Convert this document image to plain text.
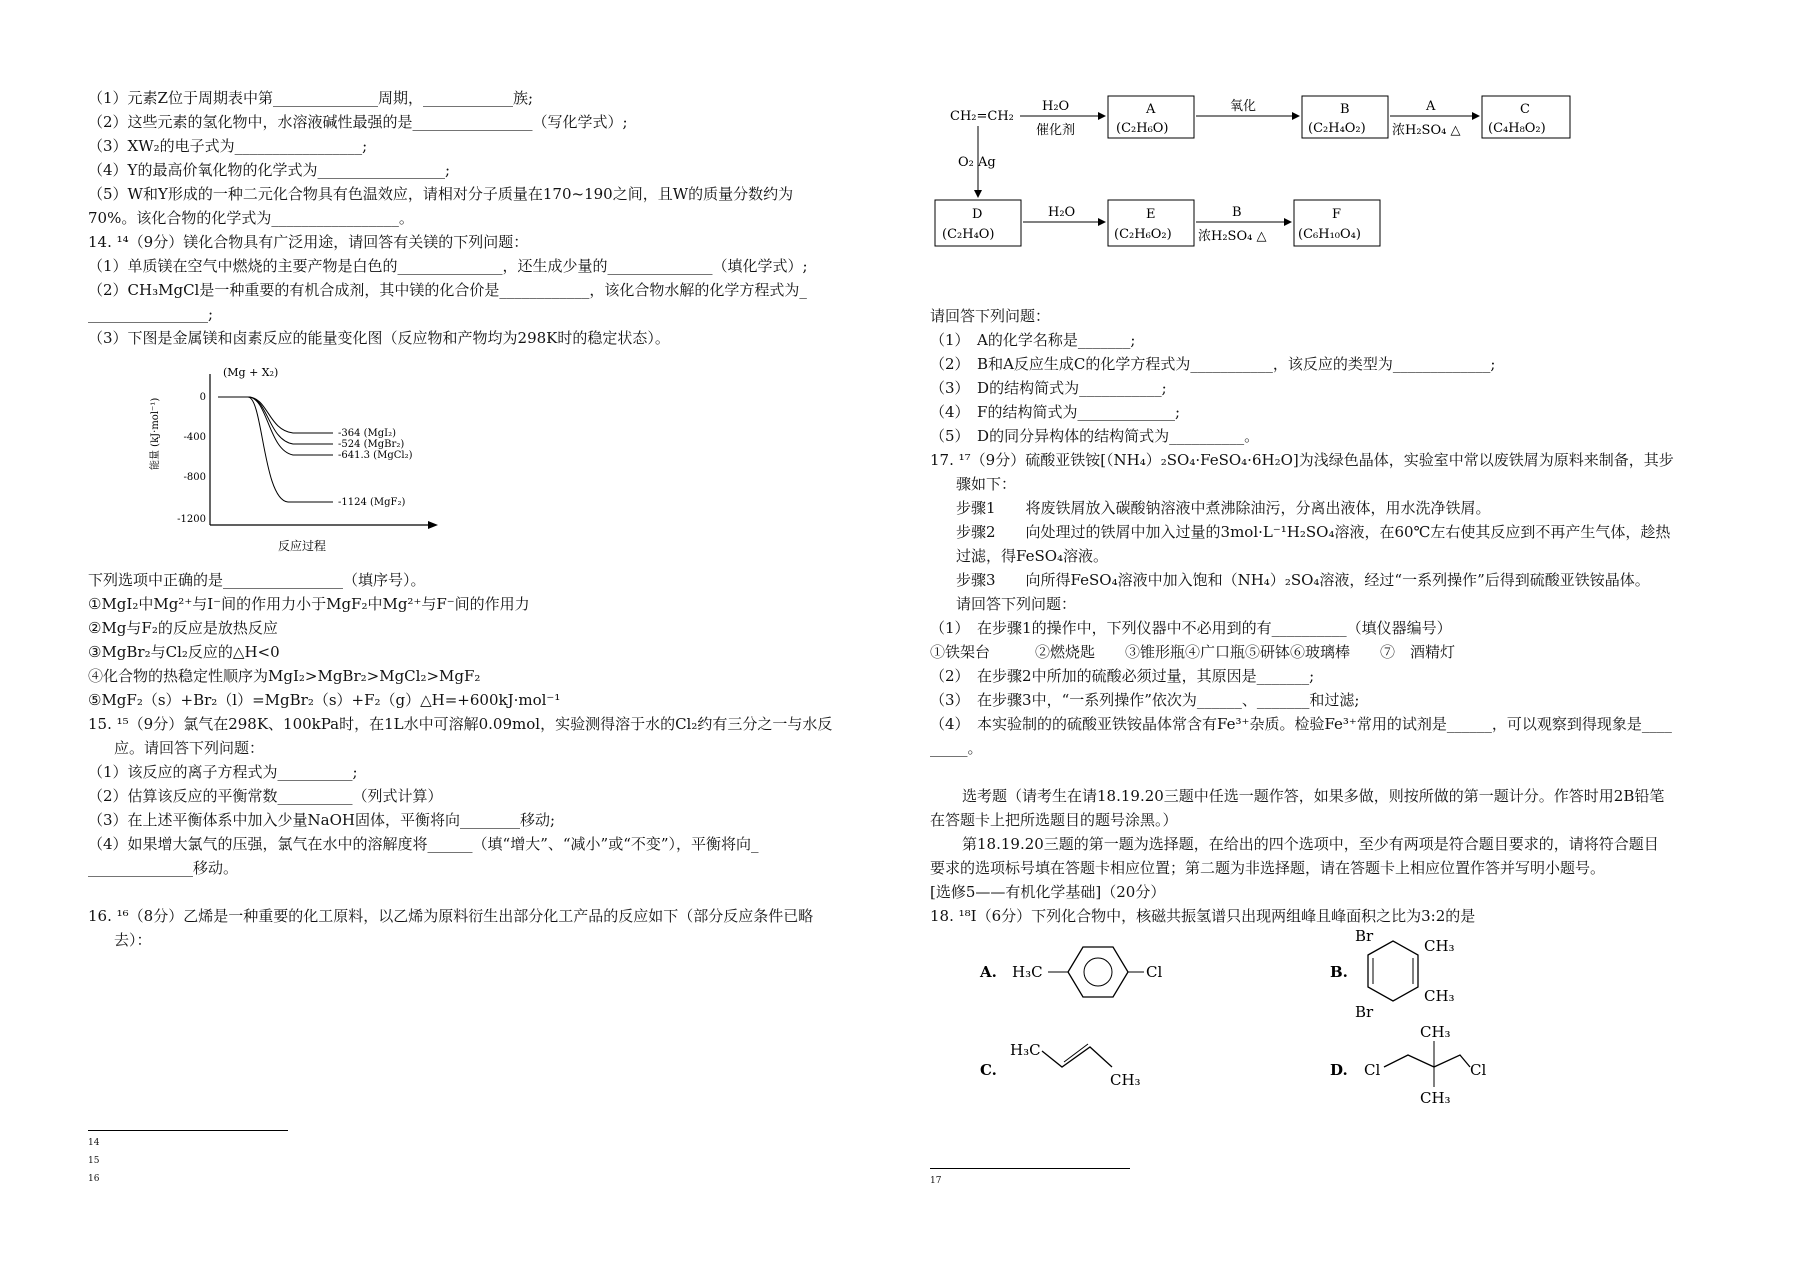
（1）元素Z位于周期表中第______________周期，____________族;
（2）这些元素的氢化物中，水溶液碱性最强的是________________（写化学式）;
（3）XW₂的电子式为_________________;
（4）Y的最高价氧化物的化学式为_________________;
（5）W和Y形成的一种二元化合物具有色温效应，请相对分子质量在170~190之间，且W的质量分数约为
70%。该化合物的化学式为_________________。
14. ¹⁴（9分）镁化合物具有广泛用途，请回答有关镁的下列问题：
（1）单质镁在空气中燃烧的主要产物是白色的______________，还生成少量的______________（填化学式）;
（2）CH₃MgCl是一种重要的有机合成剂，其中镁的化合价是____________，该化合物水解的化学方程式为_
________________;
（3）下图是金属镁和卤素反应的能量变化图（反应物和产物均为298K时的稳定状态）。
(Mg + X₂)
能量 (kJ·mol⁻¹)
反应过程
0
-400
-800
-1200
-364 (MgI₂)
-524 (MgBr₂)
-641.3 (MgCl₂)
-1124 (MgF₂)
下列选项中正确的是________________（填序号）。
①MgI₂中Mg²⁺与I⁻间的作用力小于MgF₂中Mg²⁺与F⁻间的作用力
②Mg与F₂的反应是放热反应
③MgBr₂与Cl₂反应的△H<0
④化合物的热稳定性顺序为MgI₂>MgBr₂>MgCl₂>MgF₂
⑤MgF₂（s）+Br₂（l）=MgBr₂（s）+F₂（g）△H=+600kJ·mol⁻¹
15. ¹⁵（9分）氯气在298K、100kPa时，在1L水中可溶解0.09mol，实验测得溶于水的Cl₂约有三分之一与水反
应。请回答下列问题：
（1）该反应的离子方程式为__________;
（2）估算该反应的平衡常数__________（列式计算）
（3）在上述平衡体系中加入少量NaOH固体，平衡将向________移动;
（4）如果增大氯气的压强，氯气在水中的溶解度将______（填“增大”、“减小”或“不变”），平衡将向_
______________移动。
16. ¹⁶（8分）乙烯是一种重要的化工原料，以乙烯为原料衍生出部分化工产品的反应如下（部分反应条件已略
去）：
14
15
16
CH₂=CH₂
H₂O
催化剂
A
(C₂H₆O)
氧化	B
(C₂H₄O₂)
A
浓H₂SO₄ △
C
(C₄H₈O₂)
O₂ Ag
D
(C₂H₄O)
H₂O	E
(C₂H₆O₂)
B
浓H₂SO₄ △
F
(C₆H₁₀O₄)
请回答下列问题：
（1）　A的化学名称是_______;
（2）　B和A反应生成C的化学方程式为___________，该反应的类型为_____________;
（3）　D的结构简式为___________;
（4）　F的结构简式为_____________;
（5）　D的同分异构体的结构简式为__________。
17. ¹⁷（9分）硫酸亚铁铵[（NH₄）₂SO₄·FeSO₄·6H₂O]为浅绿色晶体，实验室中常以废铁屑为原料来制备，其步
骤如下：
步骤1　　将废铁屑放入碳酸钠溶液中煮沸除油污，分离出液体，用水洗净铁屑。
步骤2　　向处理过的铁屑中加入过量的3mol·L⁻¹H₂SO₄溶液，在60℃左右使其反应到不再产生气体，趁热
过滤，得FeSO₄溶液。
步骤3　　向所得FeSO₄溶液中加入饱和（NH₄）₂SO₄溶液，经过“一系列操作”后得到硫酸亚铁铵晶体。
请回答下列问题：
（1）　在步骤1的操作中，下列仪器中不必用到的有__________（填仪器编号）
①铁架台　　　②燃烧匙　　③锥形瓶④广口瓶⑤研钵⑥玻璃棒　　⑦　酒精灯
（2）　在步骤2中所加的硫酸必须过量，其原因是_______;
（3）　在步骤3中，“一系列操作”依次为______、_______和过滤;
（4）　本实验制的的硫酸亚铁铵晶体常含有Fe³⁺杂质。检验Fe³⁺常用的试剂是______，可以观察到得现象是____
_____。
选考题（请考生在请18.19.20三题中任选一题作答，如果多做，则按所做的第一题计分。作答时用2B铅笔
在答题卡上把所选题目的题号涂黑。）
第18.19.20三题的第一题为选择题，在给出的四个选项中，至少有两项是符合题目要求的，请将符合题目
要求的选项标号填在答题卡相应位置；第二题为非选择题，请在答题卡上相应位置作答并写明小题号。
[选修5——有机化学基础]（20分）
18. ¹⁸Ⅰ（6分）下列化合物中，核磁共振氢谱只出现两组峰且峰面积之比为3:2的是
A. H₃C	Cl	B.
Br
Br
CH₃
CH₃
C.
H₃C
CH₃
D.
CH₃
CH₃
Cl	Cl
17
